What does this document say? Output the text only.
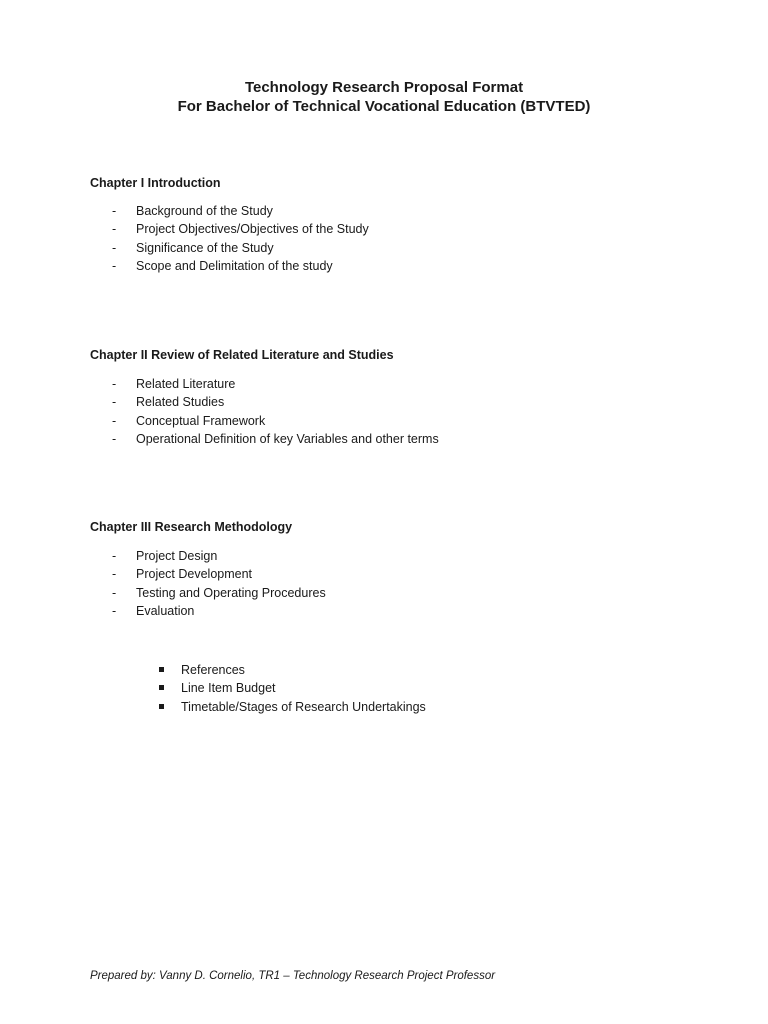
Technology Research Proposal Format
For Bachelor of Technical Vocational Education (BTVTED)
Chapter I Introduction
- Background of the Study
- Project Objectives/Objectives of the Study
- Significance of the Study
- Scope and Delimitation of the study
Chapter II Review of Related Literature and Studies
- Related Literature
- Related Studies
- Conceptual Framework
- Operational Definition of key Variables and other terms
Chapter III Research Methodology
- Project Design
- Project Development
- Testing and Operating Procedures
- Evaluation
References
Line Item Budget
Timetable/Stages of Research Undertakings
Prepared by: Vanny D. Cornelio, TR1 – Technology Research Project Professor
